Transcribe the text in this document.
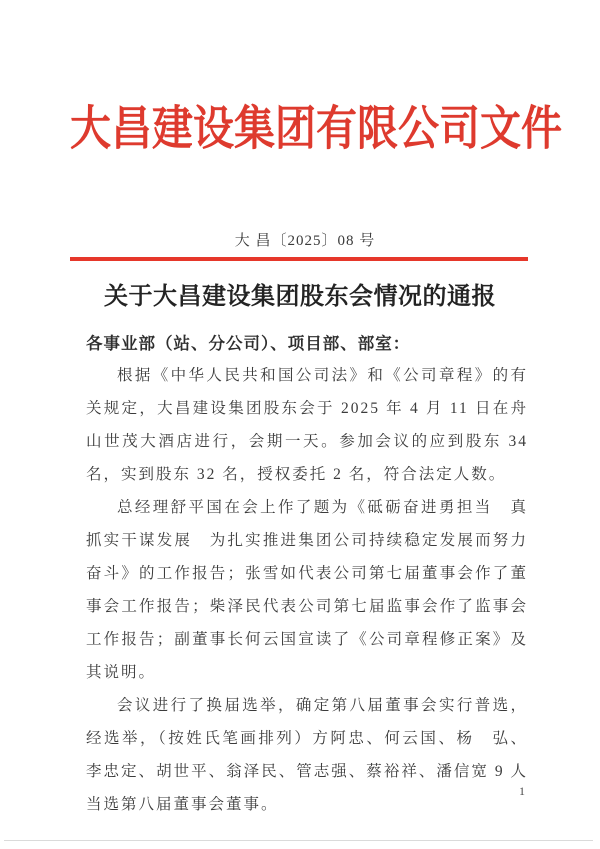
大昌建设集团有限公司文件
大 昌〔2025〕08 号
关于大昌建设集团股东会情况的通报
各事业部（站、分公司）、项目部、部室：

根据《中华人民共和国公司法》和《公司章程》的有关规定，大昌建设集团股东会于 2025 年 4 月 11 日在舟山世茂大酒店进行，会期一天。参加会议的应到股东 34 名，实到股东 32 名，授权委托 2 名，符合法定人数。

总经理舒平国在会上作了题为《砥砺奋进勇担当　真抓实干谋发展　为扎实推进集团公司持续稳定发展而努力奋斗》的工作报告；张雪如代表公司第七届董事会作了董事会工作报告；柴泽民代表公司第七届监事会作了监事会工作报告；副董事长何云国宣读了《公司章程修正案》及其说明。

会议进行了换届选举，确定第八届董事会实行普选，经选举，（按姓氏笔画排列）方阿忠、何云国、杨　弘、李忠定、胡世平、翁泽民、管志强、蔡裕祥、潘信宽 9 人当选第八届董事会董事。

1
